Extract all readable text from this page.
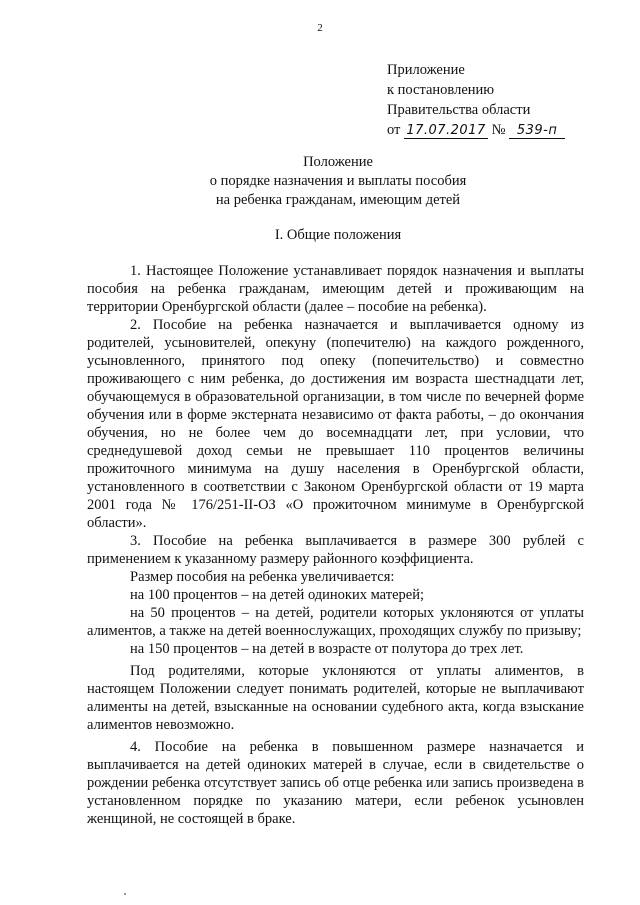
2
Приложение
к постановлению
Правительства области
от 17.07.2017 № 539-п
Положение
о порядке назначения и выплаты пособия
на ребенка гражданам, имеющим детей
I. Общие положения

1. Настоящее Положение устанавливает порядок назначения и выплаты пособия на ребенка гражданам, имеющим детей и проживающим на территории Оренбургской области (далее – пособие на ребенка).

2. Пособие на ребенка назначается и выплачивается одному из родителей, усыновителей, опекуну (попечителю) на каждого рожденного, усыновленного, принятого под опеку (попечительство) и совместно проживающего с ним ребенка, до достижения им возраста шестнадцати лет, обучающемуся в образовательной организации, в том числе по вечерней форме обучения или в форме экстерната независимо от факта работы, – до окончания обучения, но не более чем до восемнадцати лет, при условии, что среднедушевой доход семьи не превышает 110 процентов величины прожиточного минимума на душу населения в Оренбургской области, установленного в соответствии с Законом Оренбургской области от 19 марта 2001 года № 176/251-II-ОЗ «О прожиточном минимуме в Оренбургской области».

3. Пособие на ребенка выплачивается в размере 300 рублей с применением к указанному размеру районного коэффициента.

Размер пособия на ребенка увеличивается:

на 100 процентов – на детей одиноких матерей;

на 50 процентов – на детей, родители которых уклоняются от уплаты алиментов, а также на детей военнослужащих, проходящих службу по призыву;

на 150 процентов – на детей в возрасте от полутора до трех лет.

Под родителями, которые уклоняются от уплаты алиментов, в настоящем Положении следует понимать родителей, которые не выплачивают алименты на детей, взысканные на основании судебного акта, когда взыскание алиментов невозможно.

4. Пособие на ребенка в повышенном размере назначается и выплачивается на детей одиноких матерей в случае, если в свидетельстве о рождении ребенка отсутствует запись об отце ребенка или запись произведена в установленном порядке по указанию матери, если ребенок усыновлен женщиной, не состоящей в браке.
